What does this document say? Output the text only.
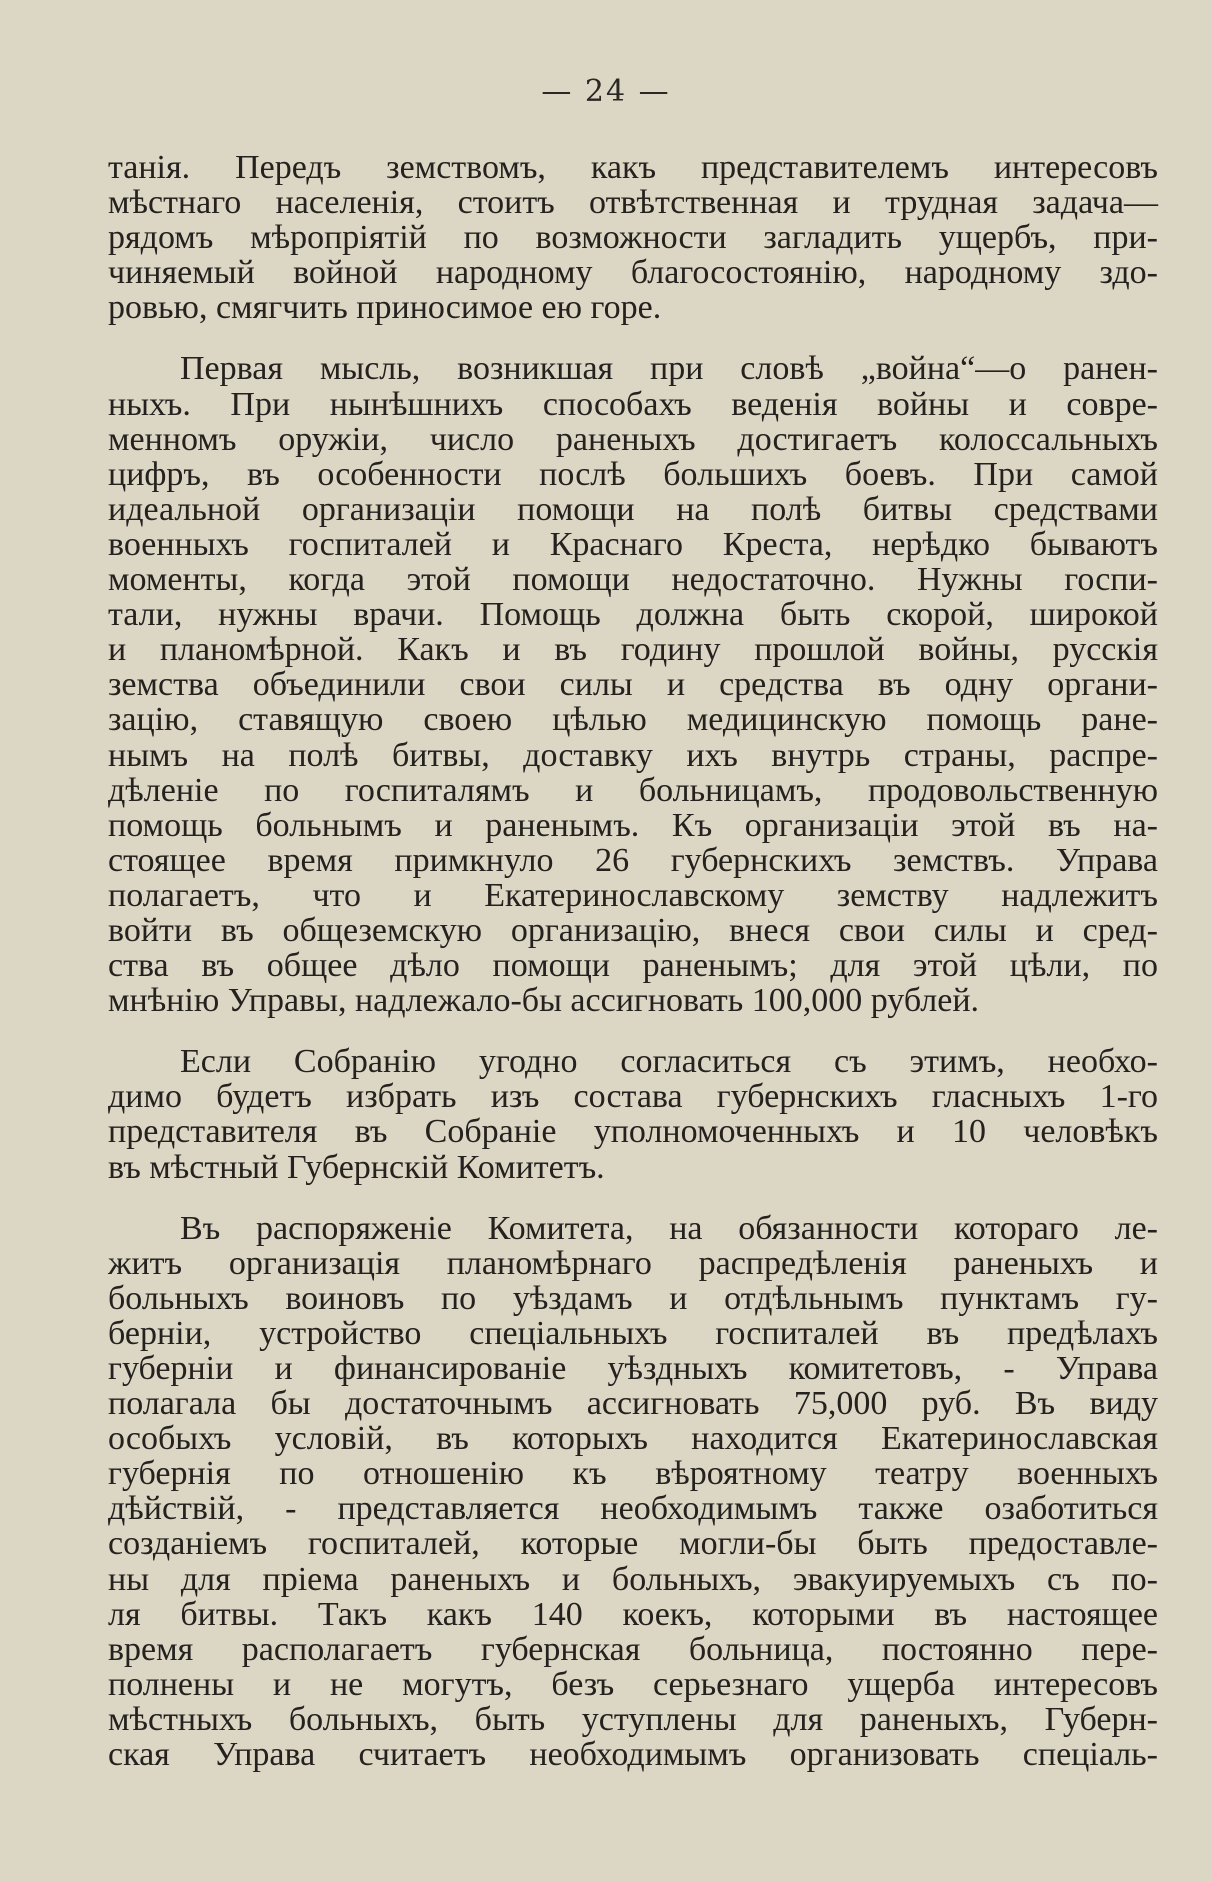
— 24 —
танія. Передъ земствомъ, какъ представителемъ интересовъ
мѣстнаго населенія, стоитъ отвѣтственная и трудная задача—
рядомъ мѣропріятій по возможности загладить ущербъ, при-
чиняемый войной народному благосостоянію, народному здо-
ровью, смягчить приносимое ею горе.
Первая мысль, возникшая при словѣ „война“—о ранен-
ныхъ. При нынѣшнихъ способахъ веденія войны и совре-
менномъ оружіи, число раненыхъ достигаетъ колоссальныхъ
цифръ, въ особенности послѣ большихъ боевъ. При самой
идеальной организаціи помощи на полѣ битвы средствами
военныхъ госпиталей и Краснаго Креста, нерѣдко бываютъ
моменты, когда этой помощи недостаточно. Нужны госпи-
тали, нужны врачи. Помощь должна быть скорой, широкой
и планомѣрной. Какъ и въ годину прошлой войны, русскія
земства объединили свои силы и средства въ одну органи-
зацію, ставящую своею цѣлью медицинскую помощь ране-
нымъ на полѣ битвы, доставку ихъ внутрь страны, распре-
дѣленіе по госпиталямъ и больницамъ, продовольственную
помощь больнымъ и раненымъ. Къ организаціи этой въ на-
стоящее время примкнуло 26 губернскихъ земствъ. Управа
полагаетъ, что и Екатеринославскому земству надлежитъ
войти въ общеземскую организацію, внеся свои силы и сред-
ства въ общее дѣло помощи раненымъ; для этой цѣли, по
мнѣнію Управы, надлежало-бы ассигновать 100,000 рублей.
Если Собранію угодно согласиться съ этимъ, необхо-
димо будетъ избрать изъ состава губернскихъ гласныхъ 1-го
представителя въ Собраніе уполномоченныхъ и 10 человѣкъ
въ мѣстный Губернскій Комитетъ.
Въ распоряженіе Комитета, на обязанности котораго ле-
житъ организація планомѣрнаго распредѣленія раненыхъ и
больныхъ воиновъ по уѣздамъ и отдѣльнымъ пунктамъ гу-
берніи, устройство спеціальныхъ госпиталей въ предѣлахъ
губерніи и финансированіе уѣздныхъ комитетовъ, - Управа
полагала бы достаточнымъ ассигновать 75,000 руб. Въ виду
особыхъ условій, въ которыхъ находится Екатеринославская
губернія по отношенію къ вѣроятному театру военныхъ
дѣйствій, - представляется необходимымъ также озаботиться
созданіемъ госпиталей, которые могли-бы быть предоставле-
ны для пріема раненыхъ и больныхъ, эвакуируемыхъ съ по-
ля битвы. Такъ какъ 140 коекъ, которыми въ настоящее
время располагаетъ губернская больница, постоянно пере-
полнены и не могутъ, безъ серьезнаго ущерба интересовъ
мѣстныхъ больныхъ, быть уступлены для раненыхъ, Губерн-
ская Управа считаетъ необходимымъ организовать спеціаль-
